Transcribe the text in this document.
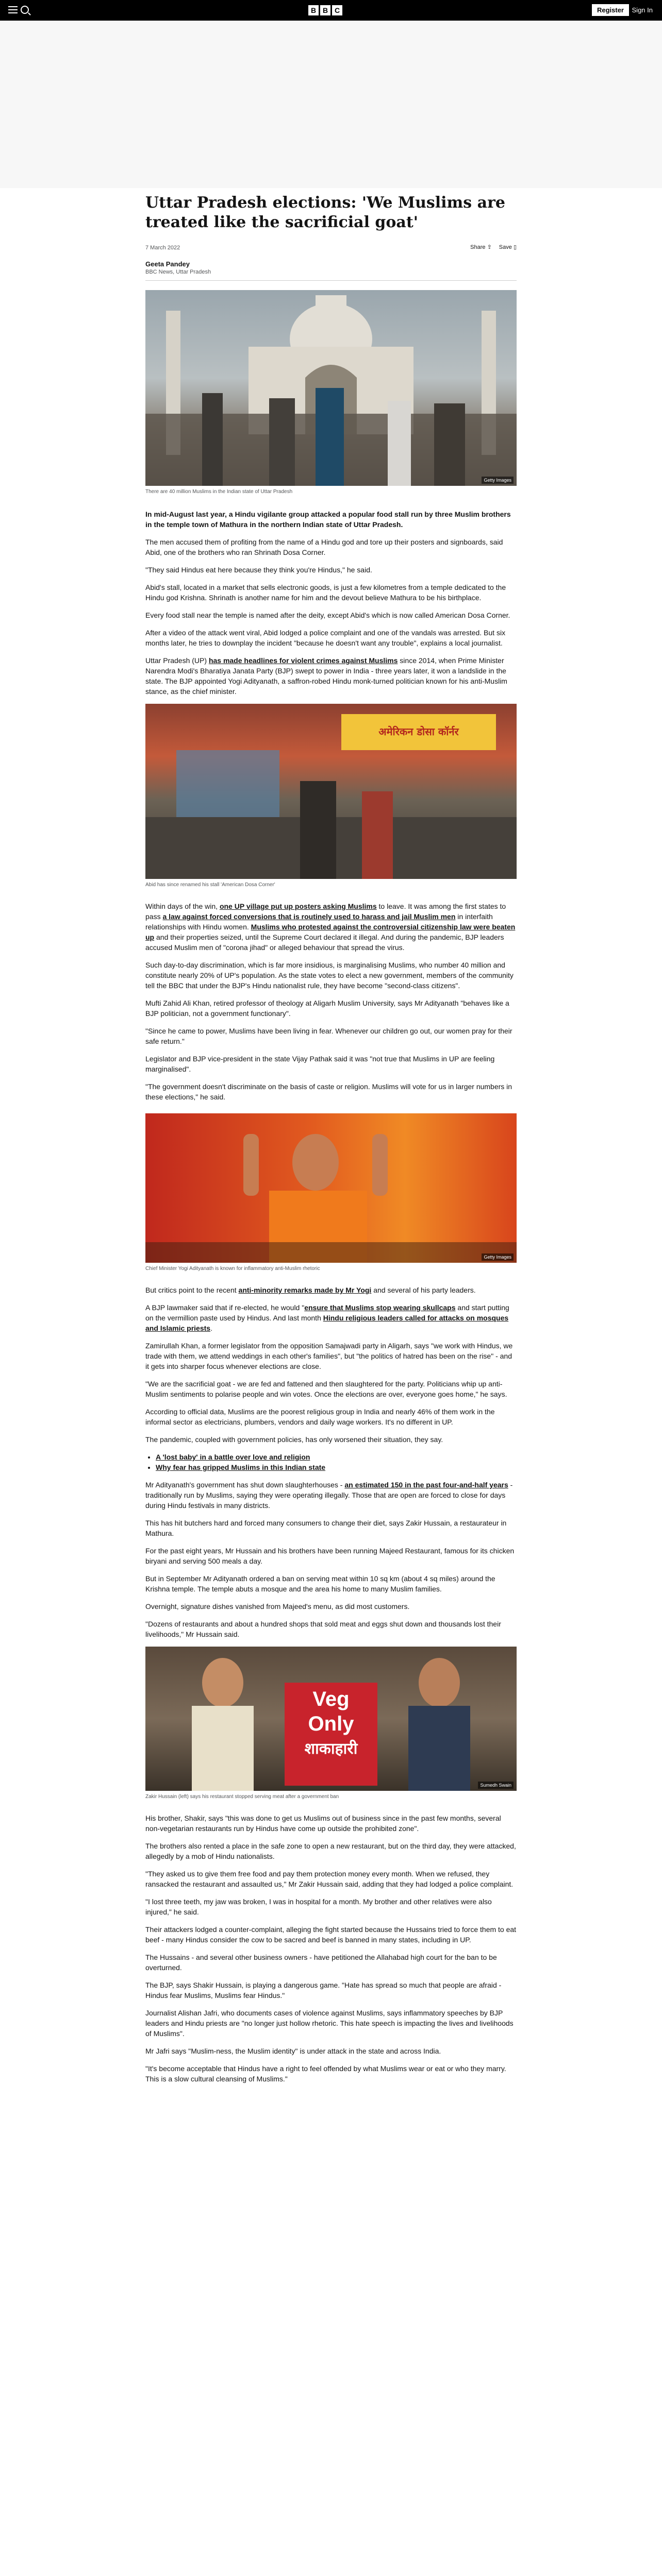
B B C	Register	Sign In
Uttar Pradesh elections: 'We Muslims are treated like the sacrificial goat'
7 March 2022	Share ⇪ Save ▯
Geeta Pandey
BBC News, Uttar Pradesh
Getty Images
There are 40 million Muslims in the Indian state of Uttar Pradesh

In mid-August last year, a Hindu vigilante group attacked a popular food stall run by three Muslim brothers in the temple town of Mathura in the northern Indian state of Uttar Pradesh.

The men accused them of profiting from the name of a Hindu god and tore up their posters and signboards, said Abid, one of the brothers who ran Shrinath Dosa Corner.

"They said Hindus eat here because they think you're Hindus," he said.

Abid's stall, located in a market that sells electronic goods, is just a few kilometres from a temple dedicated to the Hindu god Krishna. Shrinath is another name for him and the devout believe Mathura to be his birthplace.

Every food stall near the temple is named after the deity, except Abid's which is now called American Dosa Corner.

After a video of the attack went viral, Abid lodged a police complaint and one of the vandals was arrested. But six months later, he tries to downplay the incident "because he doesn't want any trouble", explains a local journalist.

Uttar Pradesh (UP) has made headlines for violent crimes against Muslims since 2014, when Prime Minister Narendra Modi's Bharatiya Janata Party (BJP) swept to power in India - three years later, it won a landslide in the state. The BJP appointed Yogi Adityanath, a saffron-robed Hindu monk-turned politician known for his anti-Muslim stance, as the chief minister.

अमेरिकन डोसा कॉर्नर
Abid has since renamed his stall 'American Dosa Corner'

Within days of the win, one UP village put up posters asking Muslims to leave. It was among the first states to pass a law against forced conversions that is routinely used to harass and jail Muslim men in interfaith relationships with Hindu women. Muslims who protested against the controversial citizenship law were beaten up and their properties seized, until the Supreme Court declared it illegal. And during the pandemic, BJP leaders accused Muslim men of "corona jihad" or alleged behaviour that spread the virus.

Such day-to-day discrimination, which is far more insidious, is marginalising Muslims, who number 40 million and constitute nearly 20% of UP's population. As the state votes to elect a new government, members of the community tell the BBC that under the BJP's Hindu nationalist rule, they have become "second-class citizens".

Mufti Zahid Ali Khan, retired professor of theology at Aligarh Muslim University, says Mr Adityanath "behaves like a BJP politician, not a government functionary".

"Since he came to power, Muslims have been living in fear. Whenever our children go out, our women pray for their safe return."

Legislator and BJP vice-president in the state Vijay Pathak said it was "not true that Muslims in UP are feeling marginalised".

"The government doesn't discriminate on the basis of caste or religion. Muslims will vote for us in larger numbers in these elections," he said.

Getty Images
Chief Minister Yogi Adityanath is known for inflammatory anti-Muslim rhetoric

But critics point to the recent anti-minority remarks made by Mr Yogi and several of his party leaders.

A BJP lawmaker said that if re-elected, he would "ensure that Muslims stop wearing skullcaps and start putting on the vermillion paste used by Hindus. And last month Hindu religious leaders called for attacks on mosques and Islamic priests.

Zamirullah Khan, a former legislator from the opposition Samajwadi party in Aligarh, says "we work with Hindus, we trade with them, we attend weddings in each other's families", but "the politics of hatred has been on the rise" - and it gets into sharper focus whenever elections are close.

"We are the sacrificial goat - we are fed and fattened and then slaughtered for the party. Politicians whip up anti-Muslim sentiments to polarise people and win votes. Once the elections are over, everyone goes home," he says.

According to official data, Muslims are the poorest religious group in India and nearly 46% of them work in the informal sector as electricians, plumbers, vendors and daily wage workers. It's no different in UP.

The pandemic, coupled with government policies, has only worsened their situation, they say.

• A 'lost baby' in a battle over love and religion
• Why fear has gripped Muslims in this Indian state

Mr Adityanath's government has shut down slaughterhouses - an estimated 150 in the past four-and-half years - traditionally run by Muslims, saying they were operating illegally. Those that are open are forced to close for days during Hindu festivals in many districts.

This has hit butchers hard and forced many consumers to change their diet, says Zakir Hussain, a restaurateur in Mathura.

For the past eight years, Mr Hussain and his brothers have been running Majeed Restaurant, famous for its chicken biryani and serving 500 meals a day.

But in September Mr Adityanath ordered a ban on serving meat within 10 sq km (about 4 sq miles) around the Krishna temple. The temple abuts a mosque and the area his home to many Muslim families.

Overnight, signature dishes vanished from Majeed's menu, as did most customers.

"Dozens of restaurants and about a hundred shops that sold meat and eggs shut down and thousands lost their livelihoods," Mr Hussain said.

Veg
Only
शाकाहारी
Sumedh Swain
Zakir Hussain (left) says his restaurant stopped serving meat after a government ban

His brother, Shakir, says "this was done to get us Muslims out of business since in the past few months, several non-vegetarian restaurants run by Hindus have come up outside the prohibited zone".

The brothers also rented a place in the safe zone to open a new restaurant, but on the third day, they were attacked, allegedly by a mob of Hindu nationalists.

"They asked us to give them free food and pay them protection money every month. When we refused, they ransacked the restaurant and assaulted us," Mr Zakir Hussain said, adding that they had lodged a police complaint.

"I lost three teeth, my jaw was broken, I was in hospital for a month. My brother and other relatives were also injured," he said.

Their attackers lodged a counter-complaint, alleging the fight started because the Hussains tried to force them to eat beef - many Hindus consider the cow to be sacred and beef is banned in many states, including in UP.

The Hussains - and several other business owners - have petitioned the Allahabad high court for the ban to be overturned.

The BJP, says Shakir Hussain, is playing a dangerous game. "Hate has spread so much that people are afraid - Hindus fear Muslims, Muslims fear Hindus."

Journalist Alishan Jafri, who documents cases of violence against Muslims, says inflammatory speeches by BJP leaders and Hindu priests are "no longer just hollow rhetoric. This hate speech is impacting the lives and livelihoods of Muslims".

Mr Jafri says "Muslim-ness, the Muslim identity" is under attack in the state and across India.

"It's become acceptable that Hindus have a right to feel offended by what Muslims wear or eat or who they marry. This is a slow cultural cleansing of Muslims."
